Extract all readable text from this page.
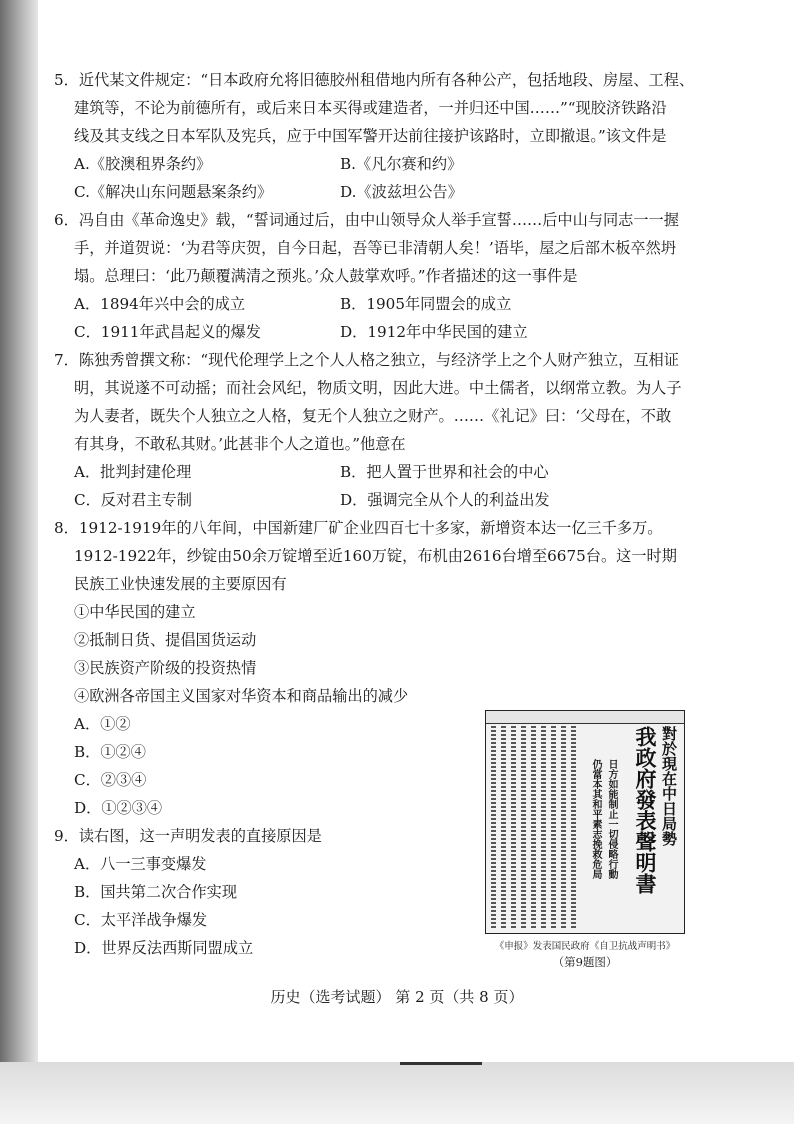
5．近代某文件规定：“日本政府允将旧德胶州租借地内所有各种公产，包括地段、房屋、工程、
建筑等，不论为前德所有，或后来日本买得或建造者，一并归还中国……”“现胶济铁路沿
线及其支线之日本军队及宪兵，应于中国军警开达前往接护该路时，立即撤退。”该文件是
A.《胶澳租界条约》	B.《凡尔赛和约》
C.《解决山东问题悬案条约》	D.《波兹坦公告》
6．冯自由《革命逸史》载，“誓词通过后，由中山领导众人举手宣誓……后中山与同志一一握
手，并道贺说：‘为君等庆贺，自今日起，吾等已非清朝人矣！’语毕，屋之后部木板卒然坍
塌。总理曰：‘此乃颠覆满清之预兆。’众人鼓掌欢呼。”作者描述的这一事件是
A．1894年兴中会的成立	B．1905年同盟会的成立
C．1911年武昌起义的爆发	D．1912年中华民国的建立
7．陈独秀曾撰文称：“现代伦理学上之个人人格之独立，与经济学上之个人财产独立，互相证
明，其说遂不可动摇；而社会风纪，物质文明，因此大进。中土儒者，以纲常立教。为人子
为人妻者，既失个人独立之人格，复无个人独立之财产。……《礼记》曰：‘父母在，不敢
有其身，不敢私其财。’此甚非个人之道也。”他意在
A．批判封建伦理	B．把人置于世界和社会的中心
C．反对君主专制	D．强调完全从个人的利益出发
8．1912-1919年的八年间，中国新建厂矿企业四百七十多家，新增资本达一亿三千多万。
1912-1922年，纱锭由50余万锭增至近160万锭，布机由2616台增至6675台。这一时期
民族工业快速发展的主要原因有
①中华民国的建立
②抵制日货、提倡国货运动
③民族资产阶级的投资热情
④欧洲各帝国主义国家对华资本和商品输出的减少
A．①②
B．①②④
C．②③④
D．①②③④
9．读右图，这一声明发表的直接原因是
A．八一三事变爆发
B．国共第二次合作实现
C．太平洋战争爆发
D．世界反法西斯同盟成立
仍當本其和平素志挽救危局 日方如能制止一切侵略行動	對於現在中日局勢
我政府發表聲明書
《申报》发表国民政府《自卫抗战声明书》
（第9题图）
历史（选考试题） 第 2 页（共 8 页）
